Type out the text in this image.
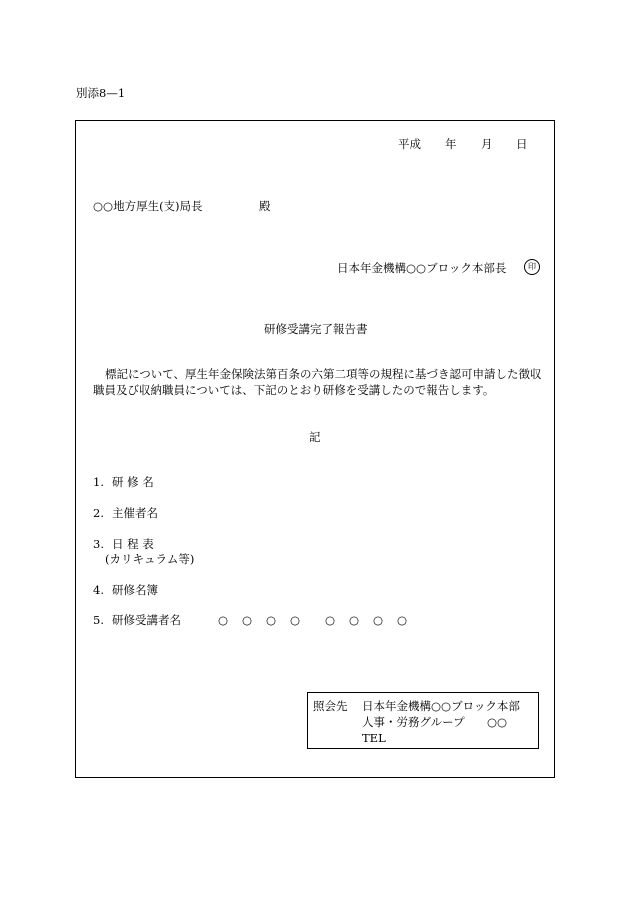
別添8—1
平成 年 月 日
○○地方厚生(支)局長	殿
日本年金機構○○ブロック本部長	印
研修受講完了報告書
標記について、厚生年金保険法第百条の六第二項等の規程に基づき認可申請した徴収
職員及び収納職員については、下記のとおり研修を受講したので報告します。
記
1. 研 修 名
2. 主催者名
3. 日 程 表
(カリキュラム等)
4. 研修名簿
5. 研修受講者名	○ ○ ○ ○	○ ○ ○ ○
照会先 日本年金機構○○ブロック本部
人事・労務グループ ○○
TEL
